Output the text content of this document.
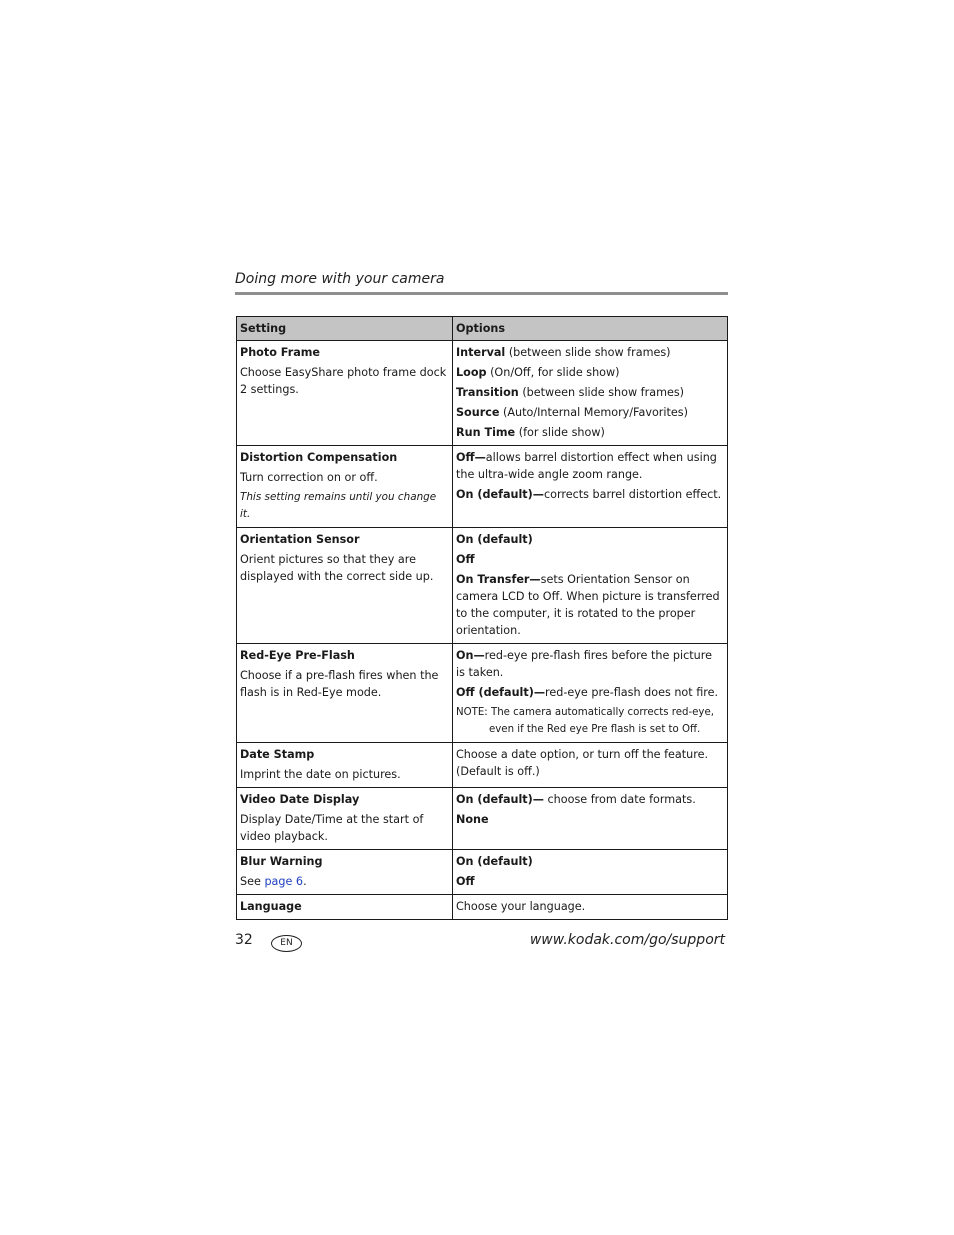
Doing more with your camera
Setting	Options

Photo Frame
Choose EasyShare photo frame dock 2 settings.	Interval (between slide show frames)
Loop (On/Off, for slide show)
Transition (between slide show frames)
Source (Auto/Internal Memory/Favorites)
Run Time (for slide show)

Distortion Compensation
Turn correction on or off.
This setting remains until you change it.	Off—allows barrel distortion effect when using the ultra-wide angle zoom range.
On (default)—corrects barrel distortion effect.

Orientation Sensor
Orient pictures so that they are displayed with the correct side up.	On (default)
Off
On Transfer—sets Orientation Sensor on camera LCD to Off. When picture is transferred to the computer, it is rotated to the proper orientation.

Red-Eye Pre-Flash
Choose if a pre-flash fires when the flash is in Red-Eye mode.	On—red-eye pre-flash fires before the picture is taken.
Off (default)—red-eye pre-flash does not fire.
NOTE: The camera automatically corrects red-eye, even if the Red eye Pre flash is set to Off.

Date Stamp
Imprint the date on pictures.	Choose a date option, or turn off the feature. (Default is off.)

Video Date Display
Display Date/Time at the start of video playback.	On (default)— choose from date formats.
None

Blur Warning
See page 6.	On (default)
Off

Language	Choose your language.
32	EN	www.kodak.com/go/support
